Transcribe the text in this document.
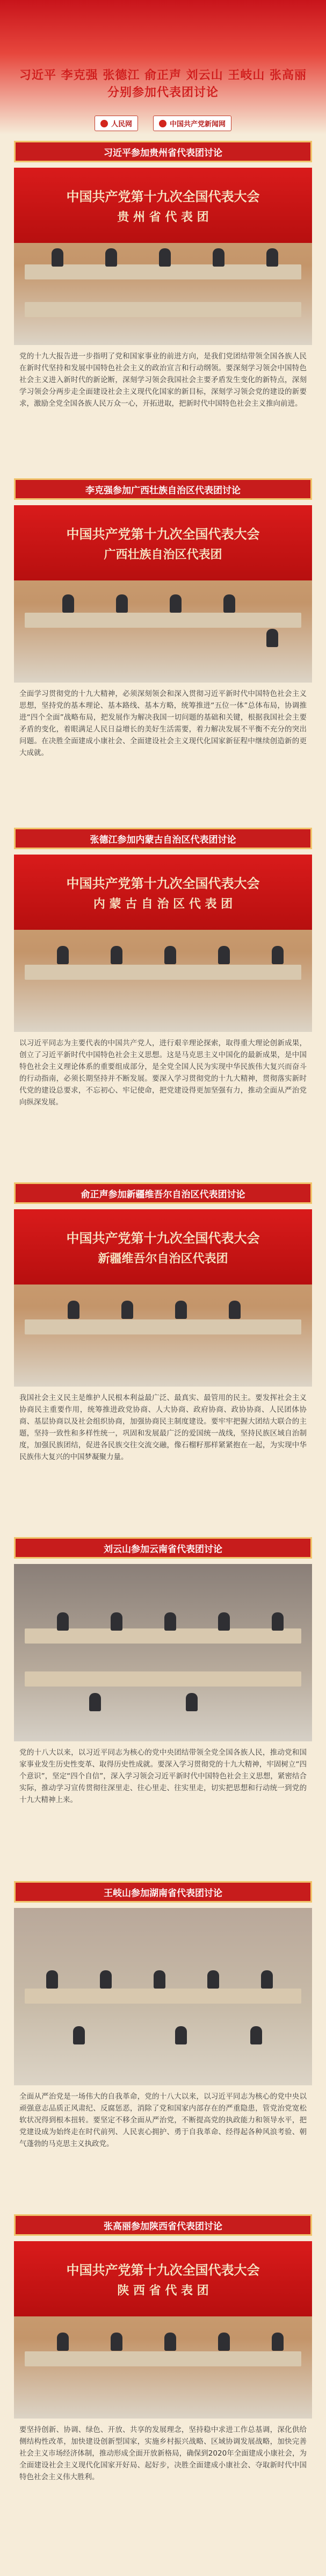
习近平 李克强 张德江 俞正声 刘云山 王岐山 张高丽
分别参加代表团讨论
人民网	中国共产党新闻网
习近平参加贵州省代表团讨论
中国共产党第十九次全国代表大会
贵 州 省 代 表 团
党的十九大报告进一步指明了党和国家事业的前进方向，是我们党团结带领全国各族人民在新时代坚持和发展中国特色社会主义的政治宣言和行动纲领。要深刻学习领会中国特色社会主义进入新时代的新论断，深刻学习领会我国社会主要矛盾发生变化的新特点，深刻学习领会分两步走全面建设社会主义现代化国家的新目标，深刻学习领会党的建设的新要求，激励全党全国各族人民万众一心，开拓进取，把新时代中国特色社会主义推向前进。
李克强参加广西壮族自治区代表团讨论
中国共产党第十九次全国代表大会
广西壮族自治区代表团
全面学习贯彻党的十九大精神，必须深刻领会和深入贯彻习近平新时代中国特色社会主义思想，坚持党的基本理论、基本路线、基本方略，统筹推进“五位一体”总体布局，协调推进“四个全面”战略布局，把发展作为解决我国一切问题的基础和关键，根据我国社会主要矛盾的变化，着眼满足人民日益增长的美好生活需要，着力解决发展不平衡不充分的突出问题。在决胜全面建成小康社会、全面建设社会主义现代化国家新征程中继续创造新的更大成就。
张德江参加内蒙古自治区代表团讨论
中国共产党第十九次全国代表大会
内 蒙 古 自 治 区 代 表 团
以习近平同志为主要代表的中国共产党人，进行艰辛理论探索，取得重大理论创新成果，创立了习近平新时代中国特色社会主义思想。这是马克思主义中国化的最新成果，是中国特色社会主义理论体系的重要组成部分，是全党全国人民为实现中华民族伟大复兴而奋斗的行动指南，必须长期坚持并不断发展。要深入学习贯彻党的十九大精神，贯彻落实新时代党的建设总要求，不忘初心、牢记使命，把党建设得更加坚强有力，推动全面从严治党向纵深发展。
俞正声参加新疆维吾尔自治区代表团讨论
中国共产党第十九次全国代表大会
新疆维吾尔自治区代表团
我国社会主义民主是维护人民根本利益最广泛、最真实、最管用的民主。要发挥社会主义协商民主重要作用，统筹推进政党协商、人大协商、政府协商、政协协商、人民团体协商、基层协商以及社会组织协商，加强协商民主制度建设。要牢牢把握大团结大联合的主题，坚持一致性和多样性统一，巩固和发展最广泛的爱国统一战线，坚持民族区域自治制度，加强民族团结，促进各民族交往交流交融，像石榴籽那样紧紧抱在一起，为实现中华民族伟大复兴的中国梦凝聚力量。
刘云山参加云南省代表团讨论
党的十八大以来，以习近平同志为核心的党中央团结带领全党全国各族人民，推动党和国家事业发生历史性变革、取得历史性成就。要深入学习贯彻党的十九大精神，牢固树立“四个意识”，坚定“四个自信”，深入学习领会习近平新时代中国特色社会主义思想，紧密结合实际，推动学习宣传贯彻往深里走、往心里走、往实里走，切实把思想和行动统一到党的十九大精神上来。
王岐山参加湖南省代表团讨论
全面从严治党是一场伟大的自我革命，党的十八大以来，以习近平同志为核心的党中央以顽强意志品质正风肃纪、反腐惩恶，消除了党和国家内部存在的严重隐患，管党治党宽松软状况得到根本扭转。要坚定不移全面从严治党，不断提高党的执政能力和领导水平，把党建设成为始终走在时代前列、人民衷心拥护、勇于自我革命、经得起各种风浪考验、朝气蓬勃的马克思主义执政党。
张高丽参加陕西省代表团讨论
中国共产党第十九次全国代表大会
陕 西 省 代 表 团
要坚持创新、协调、绿色、开放、共享的发展理念，坚持稳中求进工作总基调，深化供给侧结构性改革，加快建设创新型国家，实施乡村振兴战略、区域协调发展战略，加快完善社会主义市场经济体制，推动形成全面开放新格局，确保到2020年全面建成小康社会，为全面建设社会主义现代化国家开好局、起好步，决胜全面建成小康社会、夺取新时代中国特色社会主义伟大胜利。
